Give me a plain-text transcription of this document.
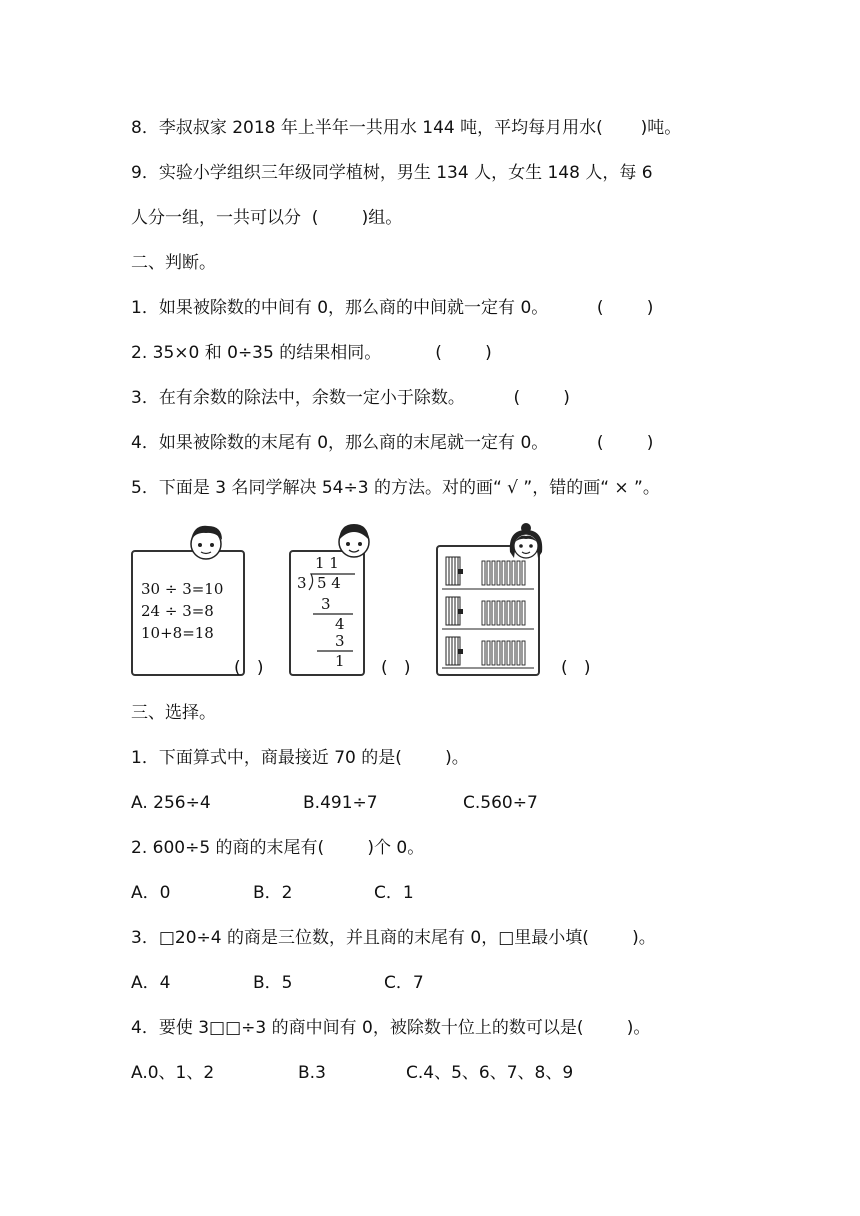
8．李叔叔家 2018 年上半年一共用水 144 吨，平均每月用水(       )吨。
9．实验小学组织三年级同学植树，男生 134 人，女生 148 人，每 6
人分一组，一共可以分  (        )组。
二、判断。
1．如果被除数的中间有 0，那么商的中间就一定有 0。         (        )
2. 35×0 和 0÷35 的结果相同。          (        )
3．在有余数的除法中，余数一定小于除数。         (        )
4．如果被除数的末尾有 0，那么商的末尾就一定有 0。         (        )
5．下面是 3 名同学解决 54÷3 的方法。对的画“ √ ”，错的画“ × ”。
30 ÷ 3=10
24 ÷ 3=8
10+8=18
(   )
1 1
3 5 4
3
4
3
1 (   )	(   )
三、选择。
1．下面算式中，商最接近 70 的是(        )。
A. 256÷4	B.491÷7	C.560÷7
2. 600÷5 的商的末尾有(        )个 0。
A．0	B．2	C．1
3．□20÷4 的商是三位数，并且商的末尾有 0，□里最小填(        )。
A．4	B．5	C．7
4．要使 3□□÷3 的商中间有 0，被除数十位上的数可以是(        )。
A.0、1、2	B.3	C.4、5、6、7、8、9
